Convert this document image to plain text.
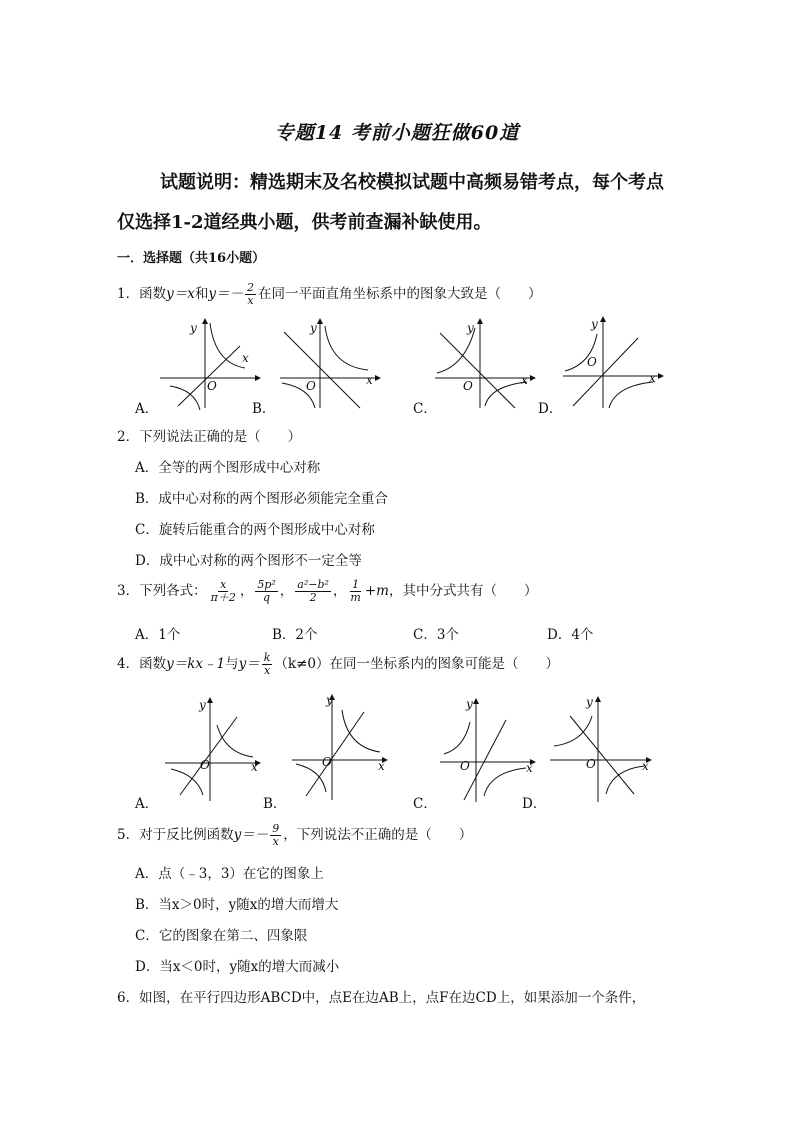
专题14 考前小题狂做60道
试题说明：精选期末及名校模拟试题中高频易错考点，每个考点
仅选择1-2道经典小题，供考前查漏补缺使用。
一．选择题（共16小题）
1．函数y＝x和$y=- \frac{2}{x}$ 在同一平面直角坐标系中的图象大致是（　　）
y
x
O
y
x
O
y
x
O
y
x
O
A．	B．	C．	D．
2．下列说法正确的是（　　）
A．全等的两个图形成中心对称
B．成中心对称的两个图形必须能完全重合
C．旋转后能重合的两个图形成中心对称
D．成中心对称的两个图形不一定全等
3．下列各式： $\frac{x}{\pi+2}$ ， $\frac{\text{5p²}}{q}$ ， $\frac{\text{a²−b²}}{2}$ ， $\frac{1}{m} +m$，其中分式共有（　　）
A．1个	B．2个	C．3个	D．4个
4．函数y＝kx﹣1与$y= \frac{k}{x} (k\ne 0)$在同一坐标系内的图象可能是（　　）
y
x
O
y
x
O
y
x
O
y
x
O
A．	B．	C．	D．
5．对于反比例函数$y=- \frac{9}{x}$ ，下列说法不正确的是（　　）
A．点（﹣3，3）在它的图象上
B．当x＞0时，y随x的增大而增大
C．它的图象在第二、四象限
D．当x＜0时，y随x的增大而减小
6．如图，在平行四边形ABCD中，点E在边AB上，点F在边CD上，如果添加一个条件，
